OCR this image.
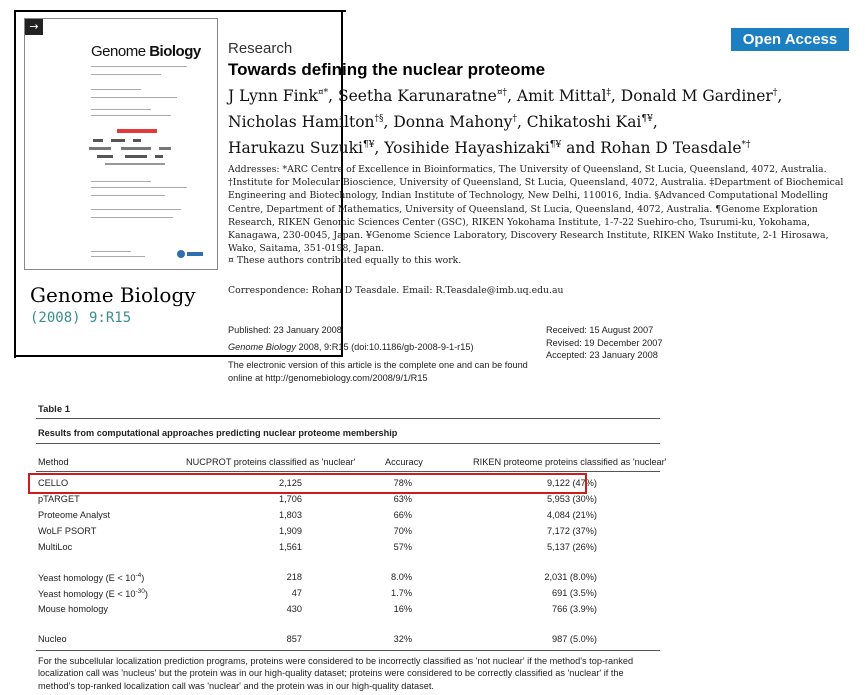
→
Genome Biology
Genome Biology
(2008) 9:R15
Open Access
Research
Towards defining the nuclear proteome
J Lynn Fink¤*, Seetha Karunaratne¤†, Amit Mittal‡, Donald M Gardiner†,
Nicholas Hamilton†§, Donna Mahony†, Chikatoshi Kai¶¥,
Harukazu Suzuki¶¥, Yosihide Hayashizaki¶¥ and Rohan D Teasdale*†
Addresses: *ARC Centre of Excellence in Bioinformatics, The University of Queensland, St Lucia, Queensland, 4072, Australia. †Institute for Molecular Bioscience, University of Queensland, St Lucia, Queensland, 4072, Australia. ‡Department of Biochemical Engineering and Biotechnology, Indian Institute of Technology, New Delhi, 110016, India. §Advanced Computational Modelling Centre, Department of Mathematics, University of Queensland, St Lucia, Queensland, 4072, Australia. ¶Genome Exploration Research, RIKEN Genomic Sciences Center (GSC), RIKEN Yokohama Institute, 1-7-22 Suehiro-cho, Tsurumi-ku, Yokohama, Kanagawa, 230-0045, Japan. ¥Genome Science Laboratory, Discovery Research Institute, RIKEN Wako Institute, 2-1 Hirosawa, Wako, Saitama, 351-0198, Japan.
¤ These authors contributed equally to this work.
Correspondence: Rohan D Teasdale. Email: R.Teasdale@imb.uq.edu.au
Published: 23 January 2008
Genome Biology 2008, 9:R15 (doi:10.1186/gb-2008-9-1-r15)
The electronic version of this article is the complete one and can be found online at http://genomebiology.com/2008/9/1/R15
Received: 15 August 2007
Revised: 19 December 2007
Accepted: 23 January 2008
Table 1
Results from computational approaches predicting nuclear proteome membership
Method	NUCPROT proteins classified as 'nuclear'	Accuracy	RIKEN proteome proteins classified as 'nuclear'
CELLO	2,125	78%	9,122 (47%)
pTARGET	1,706	63%	5,953 (30%)
Proteome Analyst	1,803	66%	4,084 (21%)
WoLF PSORT	1,909	70%	7,172 (37%)
MultiLoc	1,561	57%	5,137 (26%)
Yeast homology $(E < 10^{-4})$	218	8.0%	2,031 (8.0%)
Yeast homology $(E < 10^{-30})$	47	1.7%	691 (3.5%)
Mouse homology	430	16%	766 (3.9%)
Nucleo	857	32%	987 (5.0%)
For the subcellular localization prediction programs, proteins were considered to be incorrectly classified as 'not nuclear' if the method's top-ranked localization call was 'nucleus' but the protein was in our high-quality dataset; proteins were considered to be correctly classified as 'nuclear' if the method's top-ranked localization call was 'nuclear' and the protein was in our high-quality dataset.
